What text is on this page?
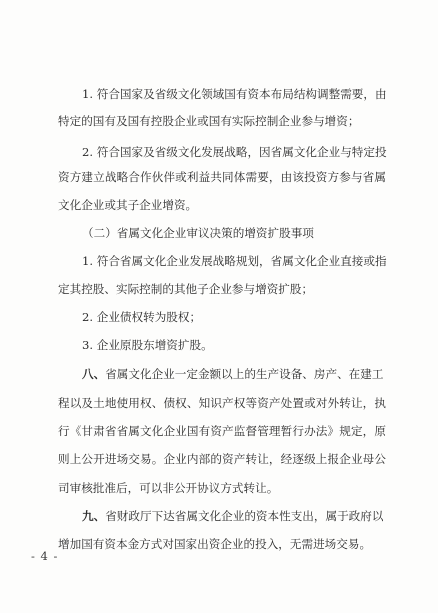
1. 符合国家及省级文化领域国有资本布局结构调整需要，由
特定的国有及国有控股企业或国有实际控制企业参与增资；
2. 符合国家及省级文化发展战略，因省属文化企业与特定投
资方建立战略合作伙伴或利益共同体需要，由该投资方参与省属
文化企业或其子企业增资。
（二）省属文化企业审议决策的增资扩股事项
1. 符合省属文化企业发展战略规划，省属文化企业直接或指
定其控股、实际控制的其他子企业参与增资扩股；
2. 企业债权转为股权；
3. 企业原股东增资扩股。
八、省属文化企业一定金额以上的生产设备、房产、在建工
程以及土地使用权、债权、知识产权等资产处置或对外转让，执
行《甘肃省省属文化企业国有资产监督管理暂行办法》规定，原
则上公开进场交易。企业内部的资产转让，经逐级上报企业母公
司审核批准后，可以非公开协议方式转让。
九、省财政厅下达省属文化企业的资本性支出，属于政府以
增加国有资本金方式对国家出资企业的投入，无需进场交易。
- 4 -
